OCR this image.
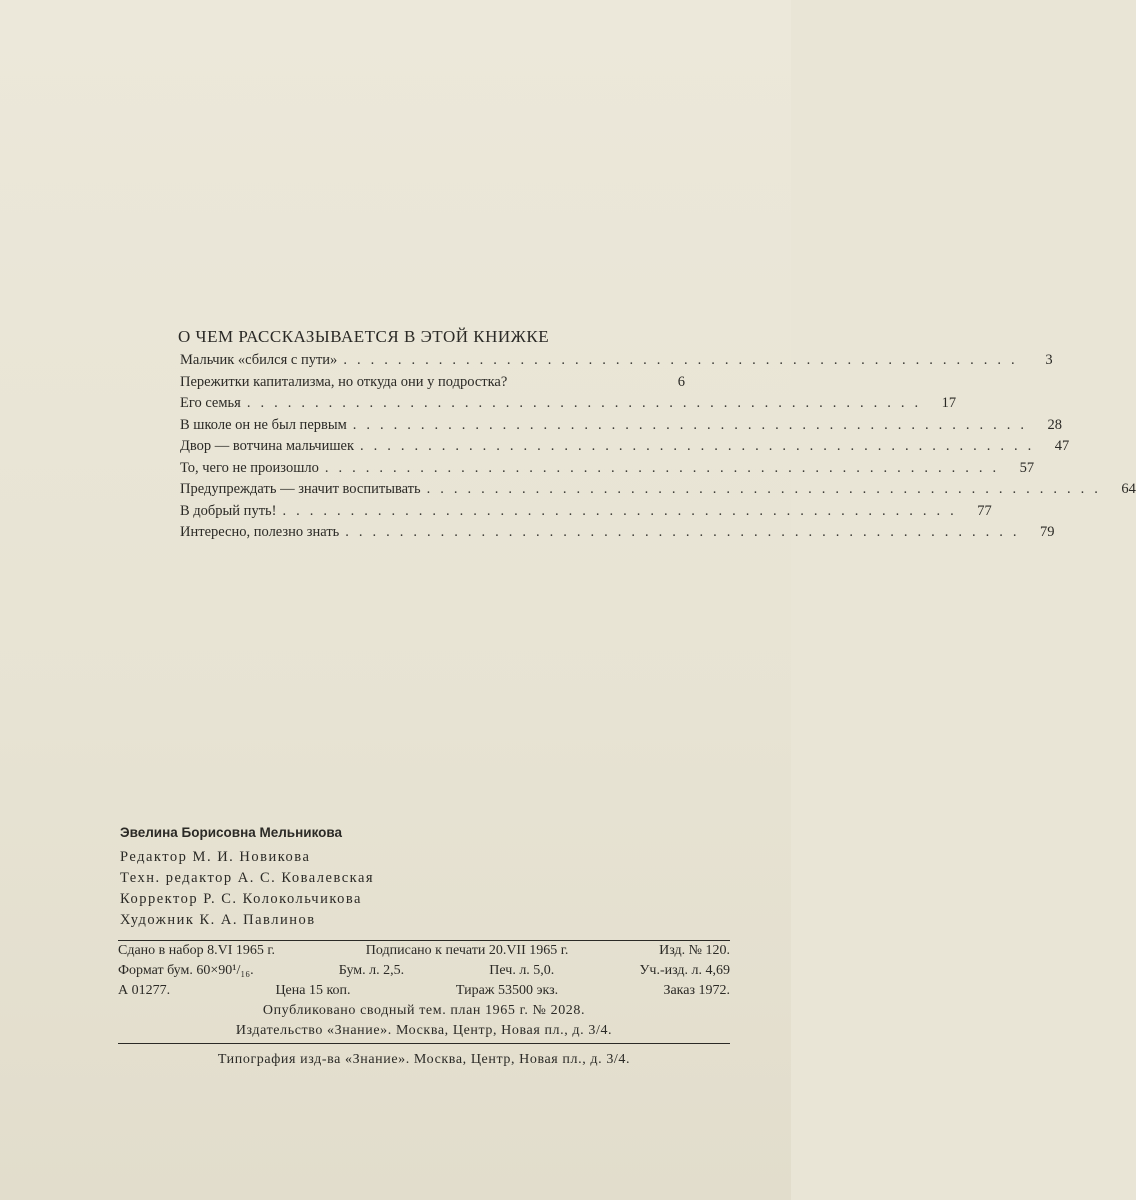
О ЧЕМ РАССКАЗЫВАЕТСЯ В ЭТОЙ КНИЖКЕ
Мальчик «сбился с пути» ..................................................	3
Пережитки капитализма, но откуда они у подростка?	6
Его семья .................................................. 17
В школе он не был первым .................................................. 28
Двор — вотчина мальчишек .................................................. 47
То, чего не произошло .................................................. 57
Предупреждать — значит воспитывать .................................................. 64
В добрый путь! .................................................. 77
Интересно, полезно знать .................................................. 79
Эвелина Борисовна Мельникова
Редактор М. И. Новикова
Техн. редактор А. С. Ковалевская
Корректор Р. С. Колокольчикова
Художник К. А. Павлинов
Сдано в набор 8.VI 1965 г.	Подписано к печати 20.VII 1965 г.	Изд. № 120.
Формат бум. 60×90¹/₁₆.	Бум. л. 2,5.	Печ. л. 5,0.	Уч.-изд. л. 4,69
А 01277.	Цена 15 коп.	Тираж 53500 экз.	Заказ 1972.
Опубликовано сводный тем. план 1965 г. № 2028.
Издательство «Знание». Москва, Центр, Новая пл., д. 3/4.
Типография изд-ва «Знание». Москва, Центр, Новая пл., д. 3/4.
